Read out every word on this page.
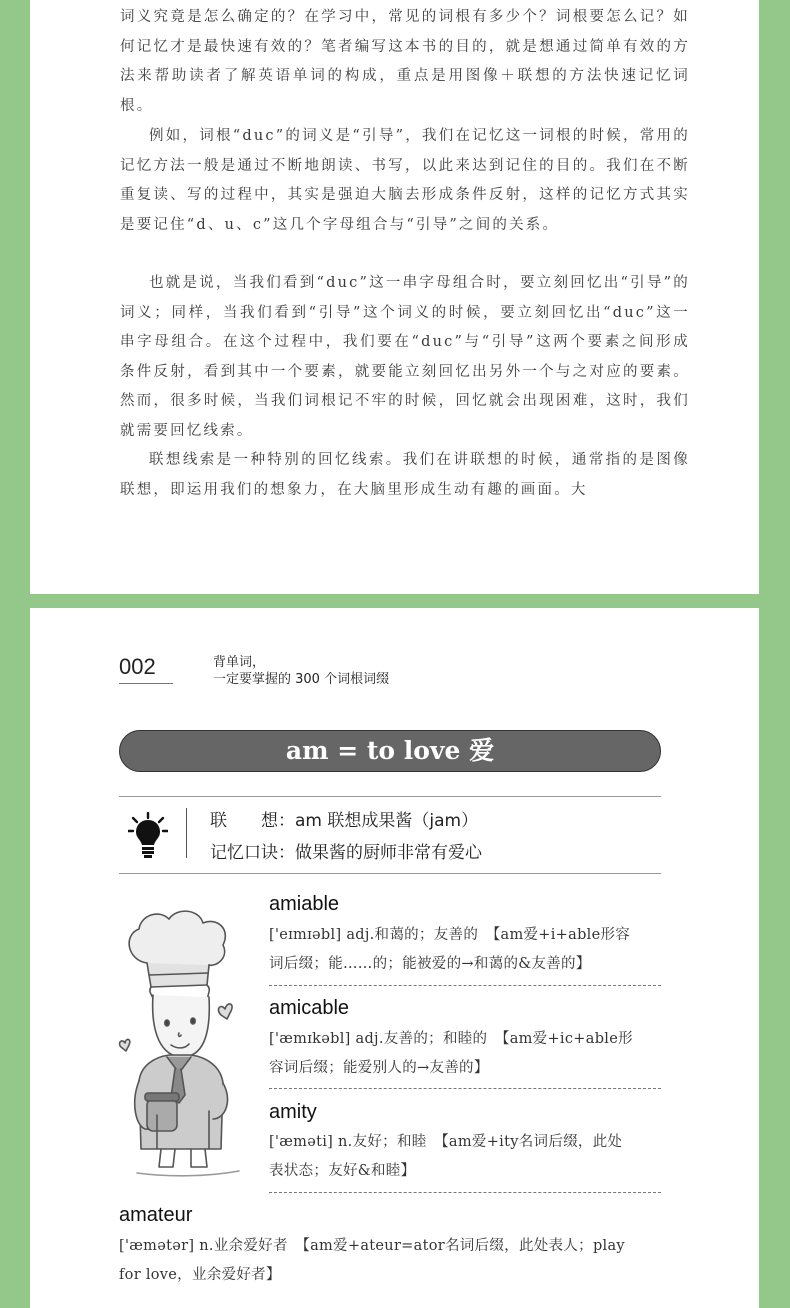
词义究竟是怎么确定的？在学习中，常见的词根有多少个？词根要怎么记？如何记忆才是最快速有效的？笔者编写这本书的目的，就是想通过简单有效的方法来帮助读者了解英语单词的构成，重点是用图像＋联想的方法快速记忆词根。

例如，词根“duc”的词义是“引导”，我们在记忆这一词根的时候，常用的记忆方法一般是通过不断地朗读、书写，以此来达到记住的目的。我们在不断重复读、写的过程中，其实是强迫大脑去形成条件反射，这样的记忆方式其实是要记住“d、u、c”这几个字母组合与“引导”之间的关系。

也就是说，当我们看到“duc”这一串字母组合时，要立刻回忆出“引导”的词义；同样，当我们看到“引导”这个词义的时候，要立刻回忆出“duc”这一串字母组合。在这个过程中，我们要在“duc”与“引导”这两个要素之间形成条件反射，看到其中一个要素，就要能立刻回忆出另外一个与之对应的要素。然而，很多时候，当我们词根记不牢的时候，回忆就会出现困难，这时，我们就需要回忆线索。

联想线索是一种特别的回忆线索。我们在讲联想的时候，通常指的是图像联想，即运用我们的想象力，在大脑里形成生动有趣的画面。大

002	背单词，
一定要掌握的 300 个词根词缀
am = to love 爱
联　　想：am 联想成果酱（jam）
记忆口诀：做果酱的厨师非常有爱心
amiable

['eɪmɪəbl] adj.和蔼的；友善的　【am爱+i+able形容
词后缀；能……的；能被爱的→和蔼的&友善的】

amicable

['æmɪkəbl] adj.友善的；和睦的　【am爱+ic+able形
容词后缀；能爱别人的→友善的】

amity

['æməti] n.友好；和睦　【am爱+ity名词后缀，此处
表状态；友好&和睦】

amateur

['æmətər] n.业余爱好者　【am爱+ateur=ator名词后缀，此处表人；play
for love，业余爱好者】
